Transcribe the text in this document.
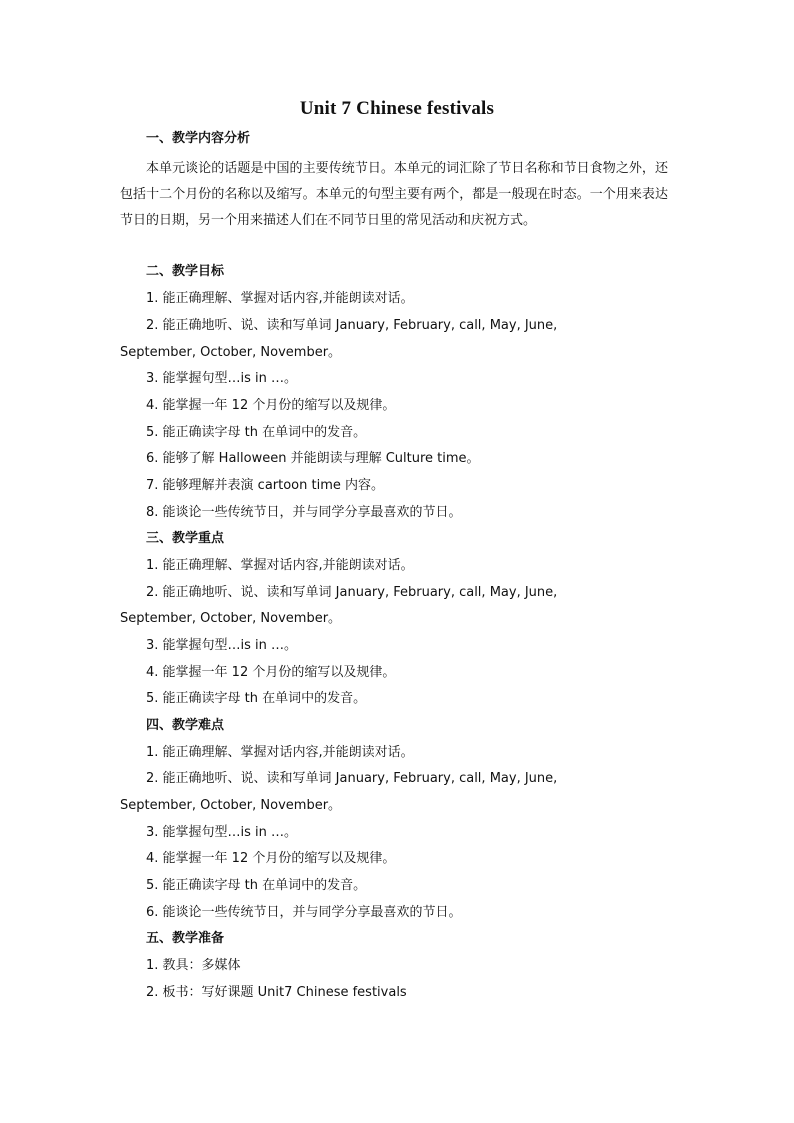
Unit 7 Chinese festivals
一、教学内容分析
本单元谈论的话题是中国的主要传统节日。本单元的词汇除了节日名称和节日食物之外，还包括十二个月份的名称以及缩写。本单元的句型主要有两个，都是一般现在时态。一个用来表达节日的日期，另一个用来描述人们在不同节日里的常见活动和庆祝方式。
二、教学目标
1. 能正确理解、掌握对话内容,并能朗读对话。
2. 能正确地听、说、读和写单词 January, February, call, May, June,
September, October, November。
3. 能掌握句型…is in …。
4. 能掌握一年 12 个月份的缩写以及规律。
5. 能正确读字母 th 在单词中的发音。
6. 能够了解 Halloween 并能朗读与理解 Culture time。
7. 能够理解并表演 cartoon time 内容。
8. 能谈论一些传统节日，并与同学分享最喜欢的节日。
三、教学重点
1. 能正确理解、掌握对话内容,并能朗读对话。
2. 能正确地听、说、读和写单词 January, February, call, May, June,
September, October, November。
3. 能掌握句型…is in …。
4. 能掌握一年 12 个月份的缩写以及规律。
5. 能正确读字母 th 在单词中的发音。
四、教学难点
1. 能正确理解、掌握对话内容,并能朗读对话。
2. 能正确地听、说、读和写单词 January, February, call, May, June,
September, October, November。
3. 能掌握句型…is in …。
4. 能掌握一年 12 个月份的缩写以及规律。
5. 能正确读字母 th 在单词中的发音。
6. 能谈论一些传统节日，并与同学分享最喜欢的节日。
五、教学准备
1. 教具：多媒体
2. 板书：写好课题 Unit7 Chinese festivals
